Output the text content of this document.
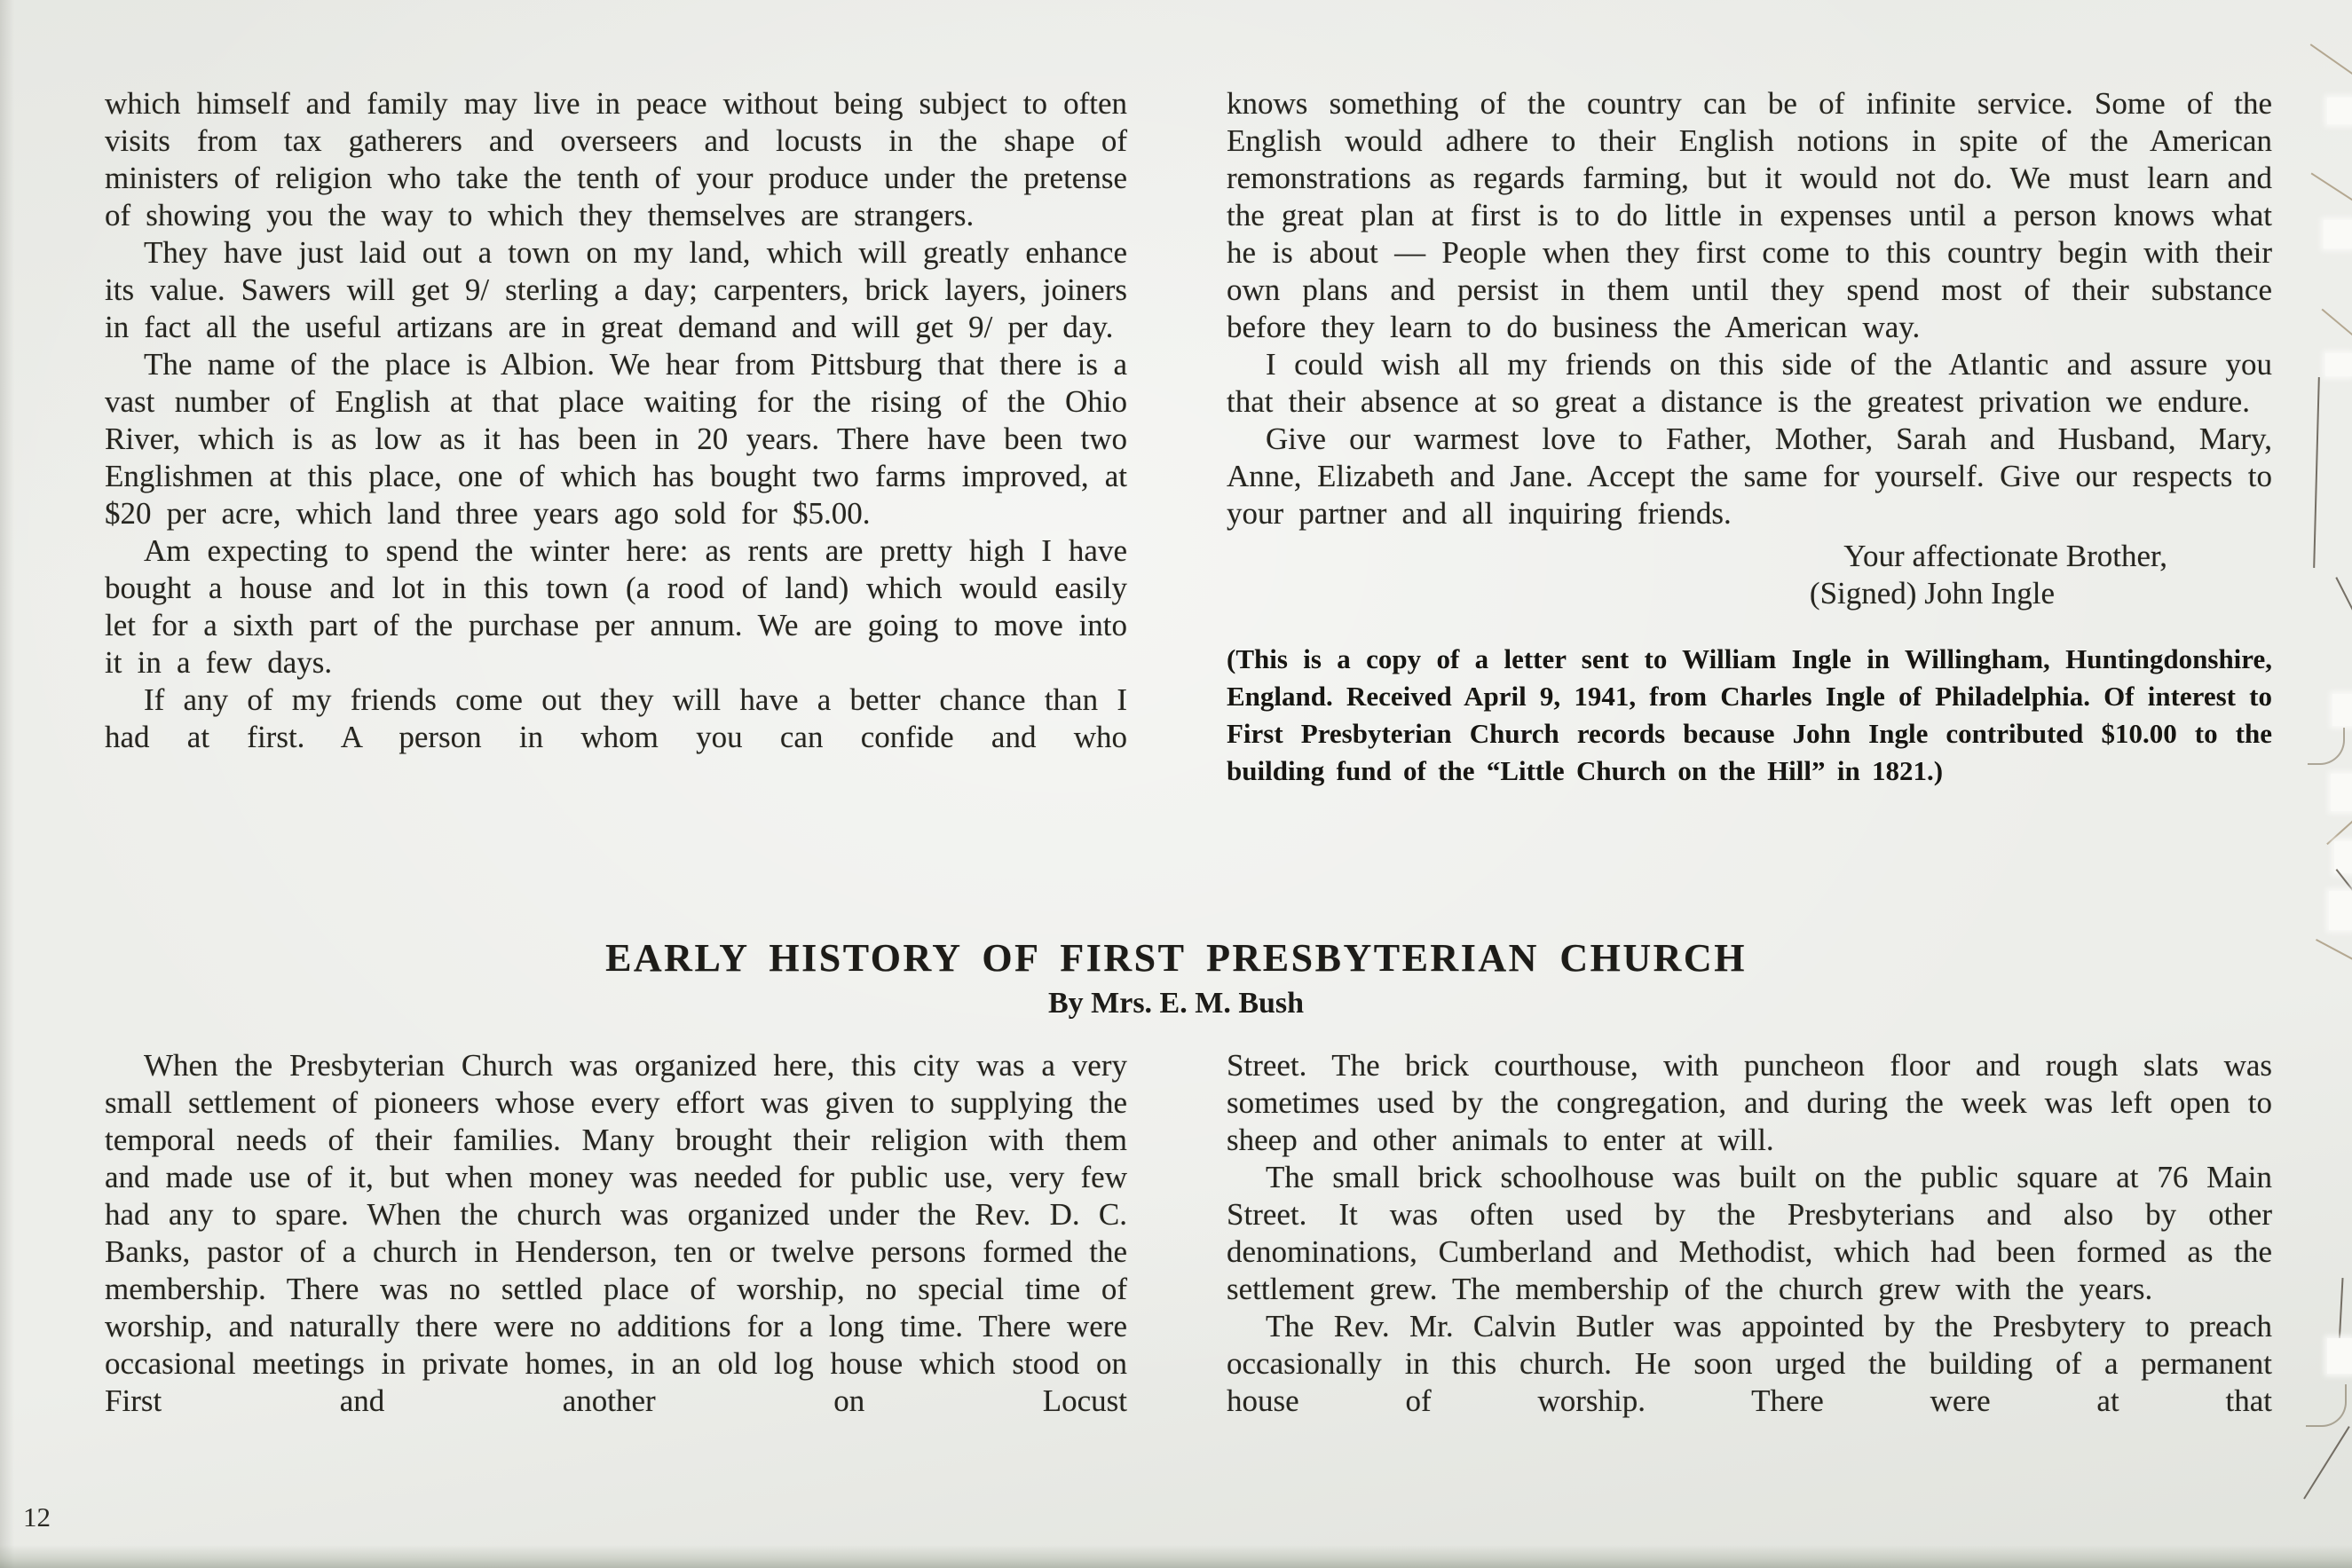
which himself and family may live in peace without being subject to often visits from tax gatherers and overseers and locusts in the shape of ministers of religion who take the tenth of your produce under the pretense of showing you the way to which they themselves are strangers.

They have just laid out a town on my land, which will greatly enhance its value. Sawers will get 9/ sterling a day; carpenters, brick layers, joiners in fact all the useful artizans are in great demand and will get 9/ per day.

The name of the place is Albion. We hear from Pittsburg that there is a vast number of English at that place waiting for the rising of the Ohio River, which is as low as it has been in 20 years. There have been two Englishmen at this place, one of which has bought two farms improved, at $20 per acre, which land three years ago sold for $5.00.

Am expecting to spend the winter here: as rents are pretty high I have bought a house and lot in this town (a rood of land) which would easily let for a sixth part of the purchase per annum. We are going to move into it in a few days.

If any of my friends come out they will have a better chance than I had at first. A person in whom you can confide and who

knows something of the country can be of infinite service. Some of the English would adhere to their English notions in spite of the American remonstrations as regards farming, but it would not do. We must learn and the great plan at first is to do little in expenses until a person knows what he is about — People when they first come to this country begin with their own plans and persist in them until they spend most of their substance before they learn to do business the American way.

I could wish all my friends on this side of the Atlantic and assure you that their absence at so great a distance is the greatest privation we endure.

Give our warmest love to Father, Mother, Sarah and Husband, Mary, Anne, Elizabeth and Jane. Accept the same for yourself. Give our respects to your partner and all inquiring friends.

Your affectionate Brother,
(Signed) John Ingle

(This is a copy of a letter sent to William Ingle in Willingham, Huntingdonshire, England. Received April 9, 1941, from Charles Ingle of Philadelphia. Of interest to First Presbyterian Church records because John Ingle contributed $10.00 to the building fund of the “Little Church on the Hill” in 1821.)

EARLY HISTORY OF FIRST PRESBYTERIAN CHURCH
By Mrs. E. M. Bush

When the Presbyterian Church was organized here, this city was a very small settlement of pioneers whose every effort was given to supplying the temporal needs of their families. Many brought their religion with them and made use of it, but when money was needed for public use, very few had any to spare. When the church was organized under the Rev. D. C. Banks, pastor of a church in Henderson, ten or twelve persons formed the membership. There was no settled place of worship, no special time of worship, and naturally there were no additions for a long time. There were occasional meetings in private homes, in an old log house which stood on First and another on Locust

Street. The brick courthouse, with puncheon floor and rough slats was sometimes used by the congregation, and during the week was left open to sheep and other animals to enter at will.

The small brick schoolhouse was built on the public square at 76 Main Street. It was often used by the Presbyterians and also by other denominations, Cumberland and Methodist, which had been formed as the settlement grew. The membership of the church grew with the years.

The Rev. Mr. Calvin Butler was appointed by the Presbytery to preach occasionally in this church. He soon urged the building of a permanent house of worship. There were at that

12
